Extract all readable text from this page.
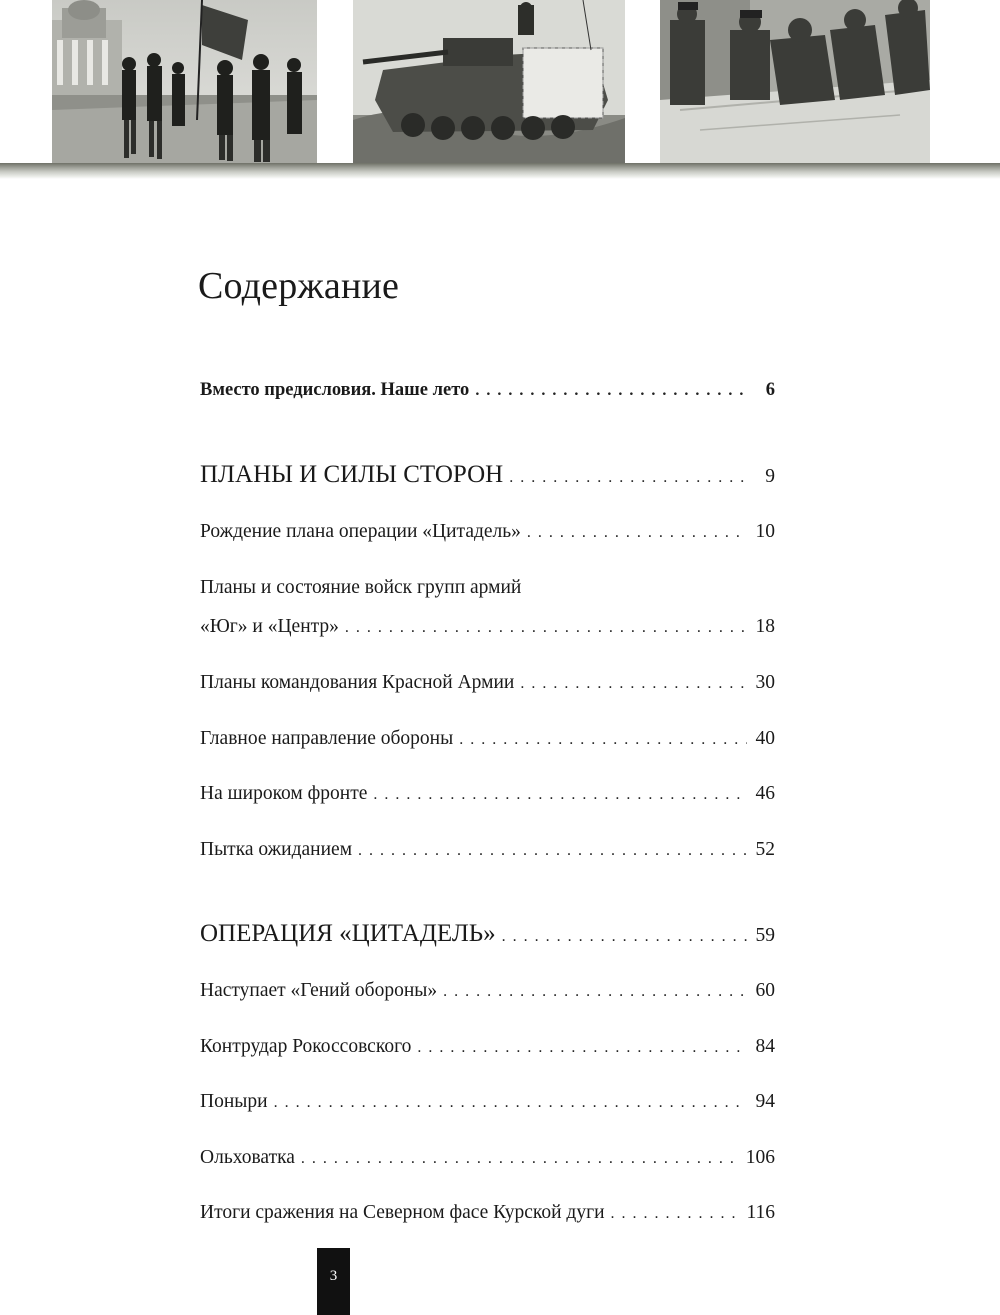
Содержание
Вместо предисловия. Наше лето . . .	6
ПЛАНЫ И СИЛЫ СТОРОН . . .	9
Рождение плана операции «Цитадель» . . .	10
Планы и состояние войск групп армий
«Юг» и «Центр» . . .	18
Планы командования Красной Армии . . .	30
Главное направление обороны . . .	40
На широком фронте . . .	46
Пытка ожиданием . . .	52
ОПЕРАЦИЯ «ЦИТАДЕЛЬ» . . .	59
Наступает «Гений обороны» . . .	60
Контрудар Рокоссовского . . .	84
Поныри . . .	94
Ольховатка . . .	106
Итоги сражения на Северном фасе Курской дуги . . .	116
3
